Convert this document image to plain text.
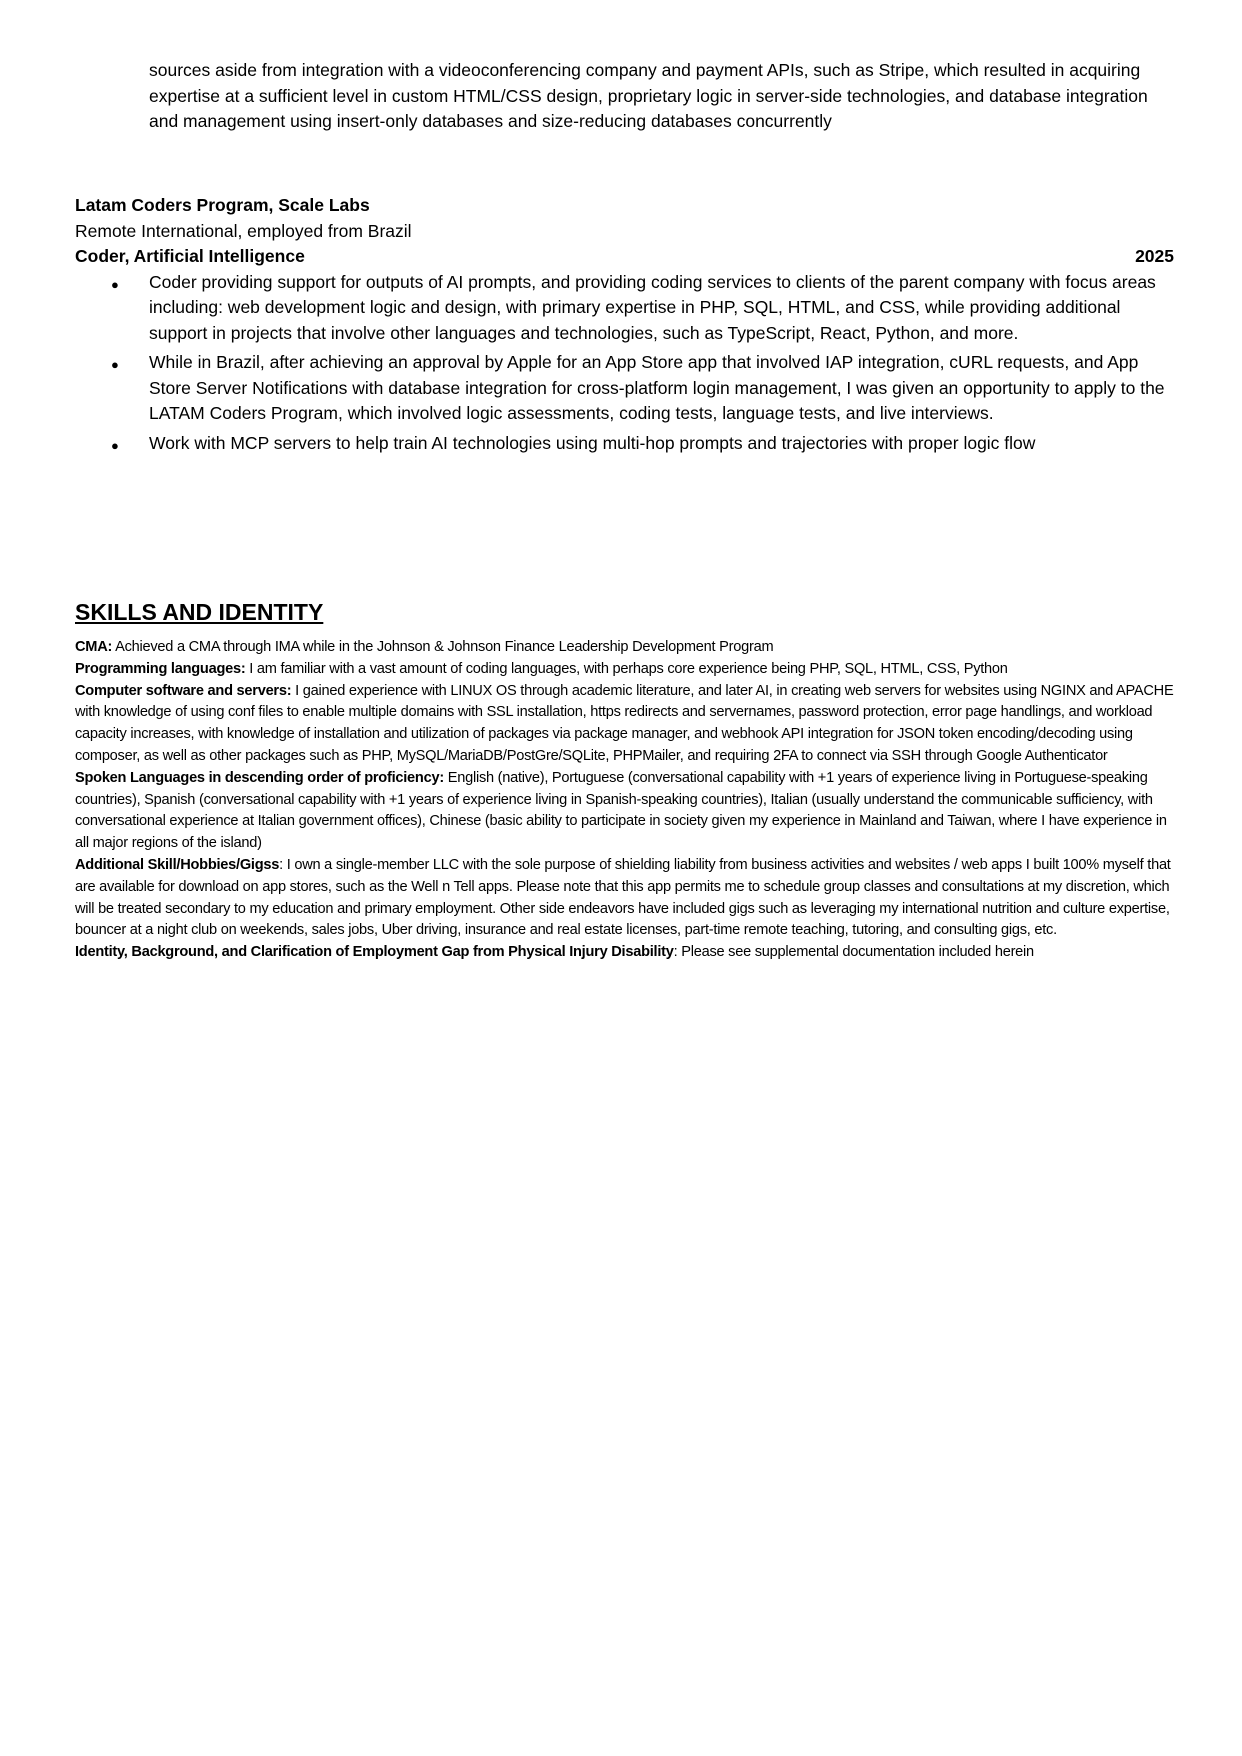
sources aside from integration with a videoconferencing company and payment APIs, such as Stripe, which resulted in acquiring expertise at a sufficient level in custom HTML/CSS design, proprietary logic in server-side technologies, and database integration and management using insert-only databases and size-reducing databases concurrently

Latam Coders Program, Scale Labs

Remote International, employed from Brazil

Coder, Artificial Intelligence	2025
● Coder providing support for outputs of AI prompts, and providing coding services to clients of the parent company with focus areas including: web development logic and design, with primary expertise in PHP, SQL, HTML, and CSS, while providing additional support in projects that involve other languages and technologies, such as TypeScript, React, Python, and more.
● While in Brazil, after achieving an approval by Apple for an App Store app that involved IAP integration, cURL requests, and App Store Server Notifications with database integration for cross-platform login management, I was given an opportunity to apply to the LATAM Coders Program, which involved logic assessments, coding tests, language tests, and live interviews.
● Work with MCP servers to help train AI technologies using multi-hop prompts and trajectories with proper logic flow
SKILLS AND IDENTITY

CMA: Achieved a CMA through IMA while in the Johnson & Johnson Finance Leadership Development Program

Programming languages: I am familiar with a vast amount of coding languages, with perhaps core experience being PHP, SQL, HTML, CSS, Python

Computer software and servers: I gained experience with LINUX OS through academic literature, and later AI, in creating web servers for websites using NGINX and APACHE with knowledge of using conf files to enable multiple domains with SSL installation, https redirects and servernames, password protection, error page handlings, and workload capacity increases, with knowledge of installation and utilization of packages via package manager, and webhook API integration for JSON token encoding/decoding using composer, as well as other packages such as PHP, MySQL/MariaDB/PostGre/SQLite, PHPMailer, and requiring 2FA to connect via SSH through Google Authenticator

Spoken Languages in descending order of proficiency: English (native), Portuguese (conversational capability with +1 years of experience living in Portuguese-speaking countries), Spanish (conversational capability with +1 years of experience living in Spanish-speaking countries), Italian (usually understand the communicable sufficiency, with conversational experience at Italian government offices), Chinese (basic ability to participate in society given my experience in Mainland and Taiwan, where I have experience in all major regions of the island)

Additional Skill/Hobbies/Gigss: I own a single-member LLC with the sole purpose of shielding liability from business activities and websites / web apps I built 100% myself that are available for download on app stores, such as the Well n Tell apps. Please note that this app permits me to schedule group classes and consultations at my discretion, which will be treated secondary to my education and primary employment. Other side endeavors have included gigs such as leveraging my international nutrition and culture expertise, bouncer at a night club on weekends, sales jobs, Uber driving, insurance and real estate licenses, part-time remote teaching, tutoring, and consulting gigs, etc.

Identity, Background, and Clarification of Employment Gap from Physical Injury Disability: Please see supplemental documentation included herein
